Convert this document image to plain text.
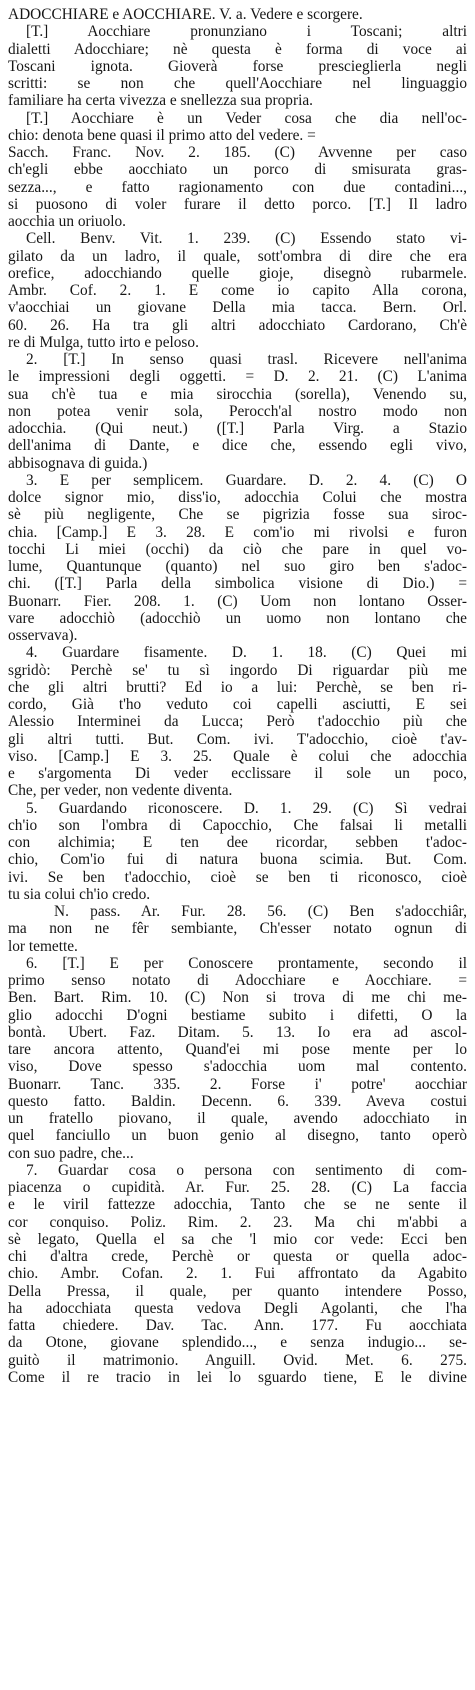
ADOCCHIARE e AOCCHIARE. V. a. Vedere e scorgere.
[T.] Aocchiare pronunziano i Toscani; altri
dialetti Adocchiare; nè questa è forma di voce ai
Toscani ignota. Gioverà forse prescieglierla negli
scritti: se non che quell'Aocchiare nel linguaggio
familiare ha certa vivezza e snellezza sua propria.
[T.] Aocchiare è un Veder cosa che dia nell'oc-
chio: denota bene quasi il primo atto del vedere. =
Sacch. Franc. Nov. 2. 185. (C) Avvenne per caso
ch'egli ebbe aocchiato un porco di smisurata gras-
sezza..., e fatto ragionamento con due contadini...,
si puosono di voler furare il detto porco. [T.] Il ladro
aocchia un oriuolo.
Cell. Benv. Vit. 1. 239. (C) Essendo stato vi-
gilato da un ladro, il quale, sott'ombra di dire che era
orefice, adocchiando quelle gioje, disegnò rubarmele.
Ambr. Cof. 2. 1. E come io capito Alla corona,
v'aocchiai un giovane Della mia tacca. Bern. Orl.
60. 26. Ha tra gli altri adocchiato Cardorano, Ch'è
re di Mulga, tutto irto e peloso.
2. [T.] In senso quasi trasl. Ricevere nell'anima
le impressioni degli oggetti. = D. 2. 21. (C) L'anima
sua ch'è tua e mia sirocchia (sorella), Venendo su,
non potea venir sola, Perocch'al nostro modo non
adocchia. (Qui neut.) ([T.] Parla Virg. a Stazio
dell'anima di Dante, e dice che, essendo egli vivo,
abbisognava di guida.)
3. E per semplicem. Guardare. D. 2. 4. (C) O
dolce signor mio, diss'io, adocchia Colui che mostra
sè più negligente, Che se pigrizia fosse sua siroc-
chia. [Camp.] E 3. 28. E com'io mi rivolsi e furon
tocchi Li miei (occhi) da ciò che pare in quel vo-
lume, Quantunque (quanto) nel suo giro ben s'adoc-
chi. ([T.] Parla della simbolica visione di Dio.) =
Buonarr. Fier. 208. 1. (C) Uom non lontano Osser-
vare adocchiò (adocchiò un uomo non lontano che
osservava).
4. Guardare fisamente. D. 1. 18. (C) Quei mi
sgridò: Perchè se' tu sì ingordo Di riguardar più me
che gli altri brutti? Ed io a lui: Perchè, se ben ri-
cordo, Già t'ho veduto coi capelli asciutti, E sei
Alessio Interminei da Lucca; Però t'adocchio più che
gli altri tutti. But. Com. ivi. T'adocchio, cioè t'av-
viso. [Camp.] E 3. 25. Quale è colui che adocchia
e s'argomenta Di veder ecclissare il sole un poco,
Che, per veder, non vedente diventa.
5. Guardando riconoscere. D. 1. 29. (C) Sì vedrai
ch'io son l'ombra di Capocchio, Che falsai li metalli
con alchimia; E ten dee ricordar, sebben t'adoc-
chio, Com'io fui di natura buona scimia. But. Com.
ivi. Se ben t'adocchio, cioè se ben ti riconosco, cioè
tu sia colui ch'io credo.
N. pass. Ar. Fur. 28. 56. (C) Ben s'adocchiâr,
ma non ne fêr sembiante, Ch'esser notato ognun di
lor temette.
6. [T.] E per Conoscere prontamente, secondo il
primo senso notato di Adocchiare e Aocchiare. =
Ben. Bart. Rim. 10. (C) Non si trova di me chi me-
glio adocchi D'ogni bestiame subito i difetti, O la
bontà. Ubert. Faz. Ditam. 5. 13. Io era ad ascol-
tare ancora attento, Quand'ei mi pose mente per lo
viso, Dove spesso s'adocchia uom mal contento.
Buonarr. Tanc. 335. 2. Forse i' potre' aocchiar
questo fatto. Baldin. Decenn. 6. 339. Aveva costui
un fratello piovano, il quale, avendo adocchiato in
quel fanciullo un buon genio al disegno, tanto operò
con suo padre, che...
7. Guardar cosa o persona con sentimento di com-
piacenza o cupidità. Ar. Fur. 25. 28. (C) La faccia
e le viril fattezze adocchia, Tanto che se ne sente il
cor conquiso. Poliz. Rim. 2. 23. Ma chi m'abbi a
sè legato, Quella el sa che 'l mio cor vede: Ecci ben
chi d'altra crede, Perchè or questa or quella adoc-
chio. Ambr. Cofan. 2. 1. Fui affrontato da Agabito
Della Pressa, il quale, per quanto intendere Posso,
ha adocchiata questa vedova Degli Agolanti, che l'ha
fatta chiedere. Dav. Tac. Ann. 177. Fu aocchiata
da Otone, giovane splendido..., e senza indugio... se-
guitò il matrimonio. Anguill. Ovid. Met. 6. 275.
Come il re tracio in lei lo sguardo tiene, E le divine
